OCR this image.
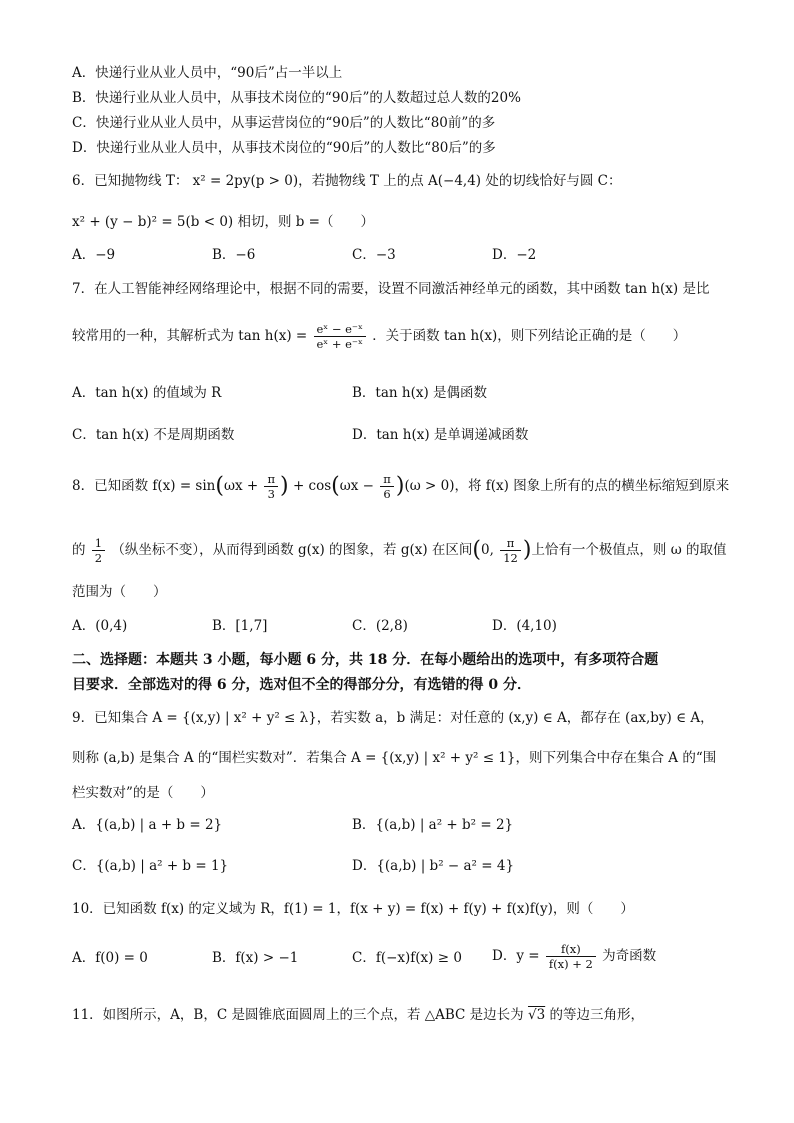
A．快递行业从业人员中，“90后”占一半以上
B．快递行业从业人员中，从事技术岗位的“90后”的人数超过总人数的20%
C．快递行业从业人员中，从事运营岗位的“90后”的人数比“80前”的多
D．快递行业从业人员中，从事技术岗位的“90后”的人数比“80后”的多
6．已知抛物线 T： x² = 2py(p > 0)，若抛物线 T 上的点 A(−4,4) 处的切线恰好与圆 C：
x² + (y − b)² = 5(b < 0) 相切，则 b =（　　）
A．−9	B．−6	C．−3	D．−2
7．在人工智能神经网络理论中，根据不同的需要，设置不同激活神经单元的函数，其中函数 tan h(x) 是比
较常用的一种，其解析式为 $\tan h(x) = \frac{\text{eˣ − e⁻ˣ}}{\text{eˣ + e⁻ˣ}}$ ．关于函数 tan h(x)，则下列结论正确的是（　　）
A．tan h(x) 的值域为 R	B．tan h(x) 是偶函数
C．tan h(x) 不是周期函数	D．tan h(x) 是单调递减函数
8．已知函数 $f(x) = \sin(\omega x + \frac{\pi}{3}$ ) + $\cos(\omega x - \frac{\pi}{6} )(\omega > 0)$，将 f(x) 图象上所有的点的横坐标缩短到原来
的 $\frac{1}{2}$ （纵坐标不变），从而得到函数 g(x) 的图象，若 g(x) 在区间(0, $\frac{\pi}{12}$ )上恰有一个极值点，则 ω 的取值
范围为（　　）
A．(0,4)	B．[1,7]	C．(2,8)	D．(4,10)
二、选择题：本题共 3 小题，每小题 6 分，共 18 分．在每小题给出的选项中，有多项符合题
目要求．全部选对的得 6 分，选对但不全的得部分分，有选错的得 0 分．
9．已知集合 A = {(x,y) | x² + y² ≤ λ}，若实数 a，b 满足：对任意的 (x,y) ∈ A，都存在 (ax,by) ∈ A，
则称 (a,b) 是集合 A 的“围栏实数对”．若集合 A = {(x,y) | x² + y² ≤ 1}，则下列集合中存在集合 A 的“围
栏实数对”的是（　　）
A．{(a,b) | a + b = 2}	B．{(a,b) | a² + b² = 2}
C．{(a,b) | a² + b = 1}	D．{(a,b) | b² − a² = 4}
10．已知函数 f(x) 的定义域为 R，f(1) = 1，f(x + y) = f(x) + f(y) + f(x)f(y)，则（　　）
A．f(0) = 0	B．f(x) > −1	C．f(−x)f(x) ≥ 0 D．$y = \frac{f(x)}{f(x) + 2}$ 为奇函数
11．如图所示，A，B，C 是圆锥底面圆周上的三个点，若 △ABC 是边长为 √3 的等边三角形，
